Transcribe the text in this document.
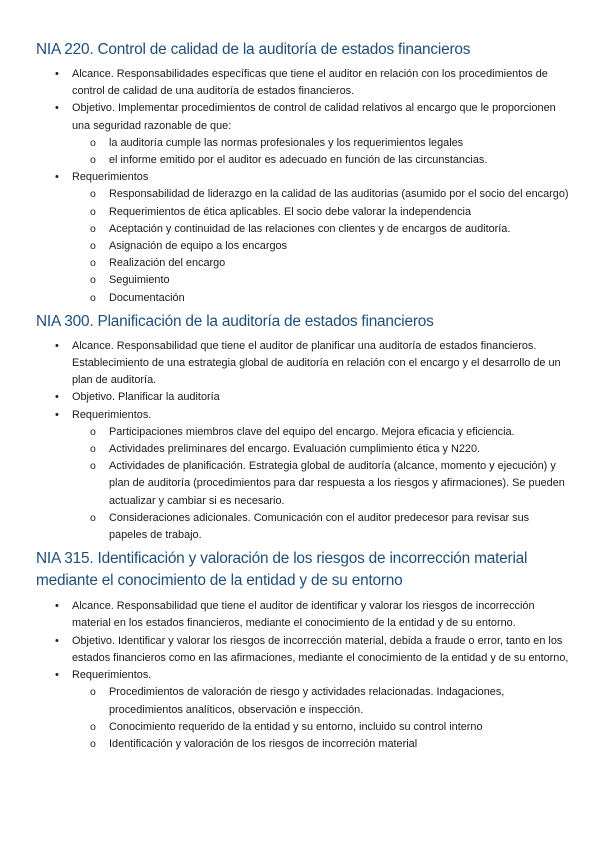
NIA 220. Control de calidad de la auditoría de estados financieros
• Alcance. Responsabilidades específicas que tiene el auditor en relación con los procedimientos de control de calidad de una auditoría de estados financieros.
• Objetivo. Implementar procedimientos de control de calidad relativos al encargo que le proporcionen una seguridad razonable de que:
o la auditoría cumple las normas profesionales y los requerimientos legales
o el informe emitido por el auditor es adecuado en función de las circunstancias.
• Requerimientos
o Responsabilidad de liderazgo en la calidad de las auditorias (asumido por el socio del encargo)
o Requerimientos de ética aplicables. El socio debe valorar la independencia
o Aceptación y continuidad de las relaciones con clientes y de encargos de auditoría.
o Asignación de equipo a los encargos
o Realización del encargo
o Seguimiento
o Documentación
NIA 300. Planificación de la auditoría de estados financieros
• Alcance. Responsabilidad que tiene el auditor de planificar una auditoría de estados financieros. Establecimiento de una estrategia global de auditoría en relación con el encargo y el desarrollo de un plan de auditoría.
• Objetivo. Planificar la auditoría
• Requerimientos.
o Participaciones miembros clave del equipo del encargo. Mejora eficacia y eficiencia.
o Actividades preliminares del encargo. Evaluación cumplimiento ética y N220.
o Actividades de planificación. Estrategia global de auditoría (alcance, momento y ejecución) y plan de auditoría (procedimientos para dar respuesta a los riesgos y afirmaciones). Se pueden actualizar y cambiar si es necesario.
o Consideraciones adicionales. Comunicación con el auditor predecesor para revisar sus papeles de trabajo.
NIA 315. Identificación y valoración de los riesgos de incorrección material mediante el conocimiento de la entidad y de su entorno
• Alcance. Responsabilidad que tiene el auditor de identificar y valorar los riesgos de incorrección material en los estados financieros, mediante el conocimiento de la entidad y de su entorno.
• Objetivo. Identificar y valorar los riesgos de incorrección material, debida a fraude o error, tanto en los estados financieros como en las afirmaciones, mediante el conocimiento de la entidad y de su entorno,
• Requerimientos.
o Procedimientos de valoración de riesgo y actividades relacionadas. Indagaciones, procedimientos analíticos, observación e inspección.
o Conocimiento requerido de la entidad y su entorno, incluido su control interno
o Identificación y valoración de los riesgos de incorreción material
